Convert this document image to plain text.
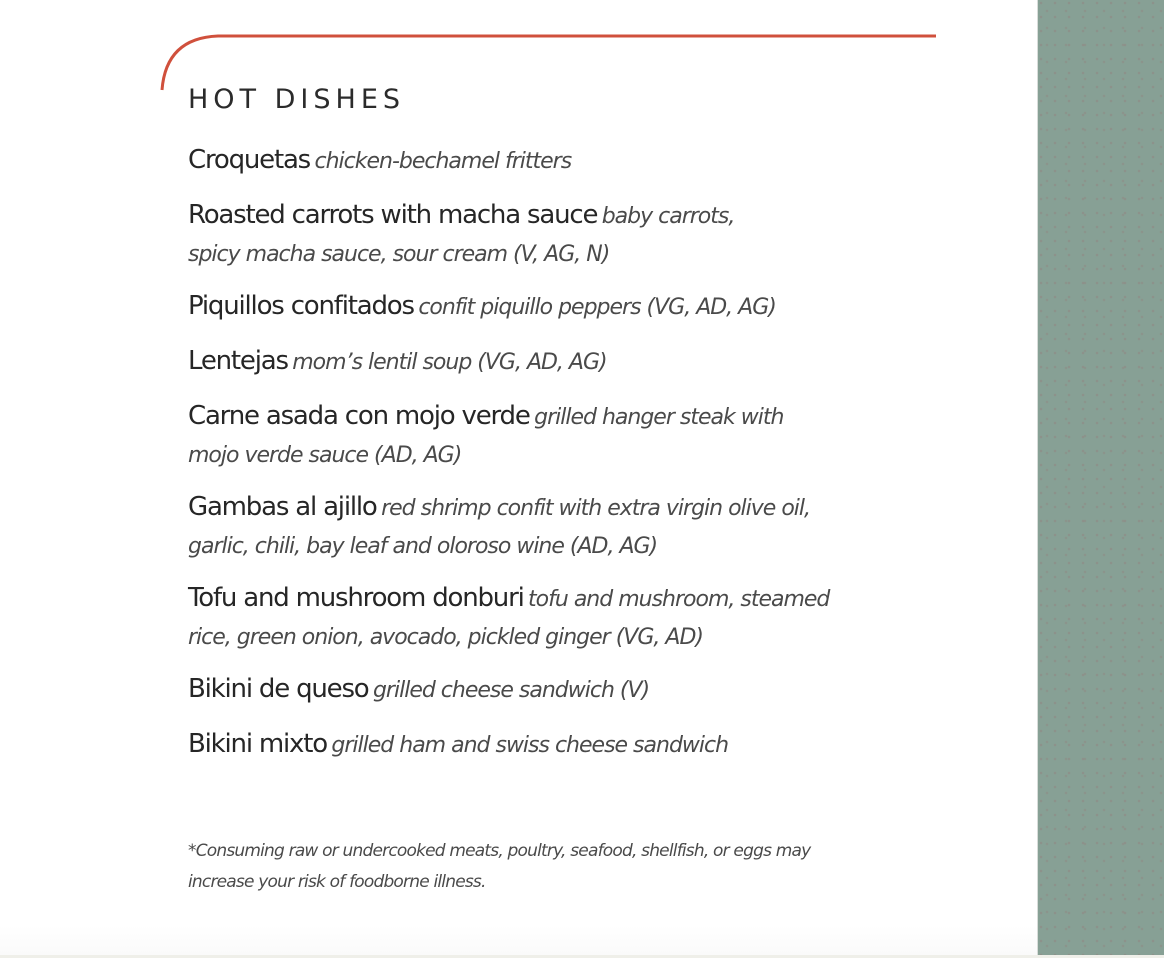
HOT DISHES
Croquetas chicken-bechamel fritters
Roasted carrots with macha sauce baby carrots,
spicy macha sauce, sour cream (V, AG, N)
Piquillos confitados confit piquillo peppers (VG, AD, AG)
Lentejas mom’s lentil soup (VG, AD, AG)
Carne asada con mojo verde grilled hanger steak with
mojo verde sauce (AD, AG)
Gambas al ajillo red shrimp confit with extra virgin olive oil,
garlic, chili, bay leaf and oloroso wine (AD, AG)
Tofu and mushroom donburi tofu and mushroom, steamed
rice, green onion, avocado, pickled ginger (VG, AD)
Bikini de queso grilled cheese sandwich (V)
Bikini mixto grilled ham and swiss cheese sandwich

*Consuming raw or undercooked meats, poultry, seafood, shellfish, or eggs may
increase your risk of foodborne illness.
